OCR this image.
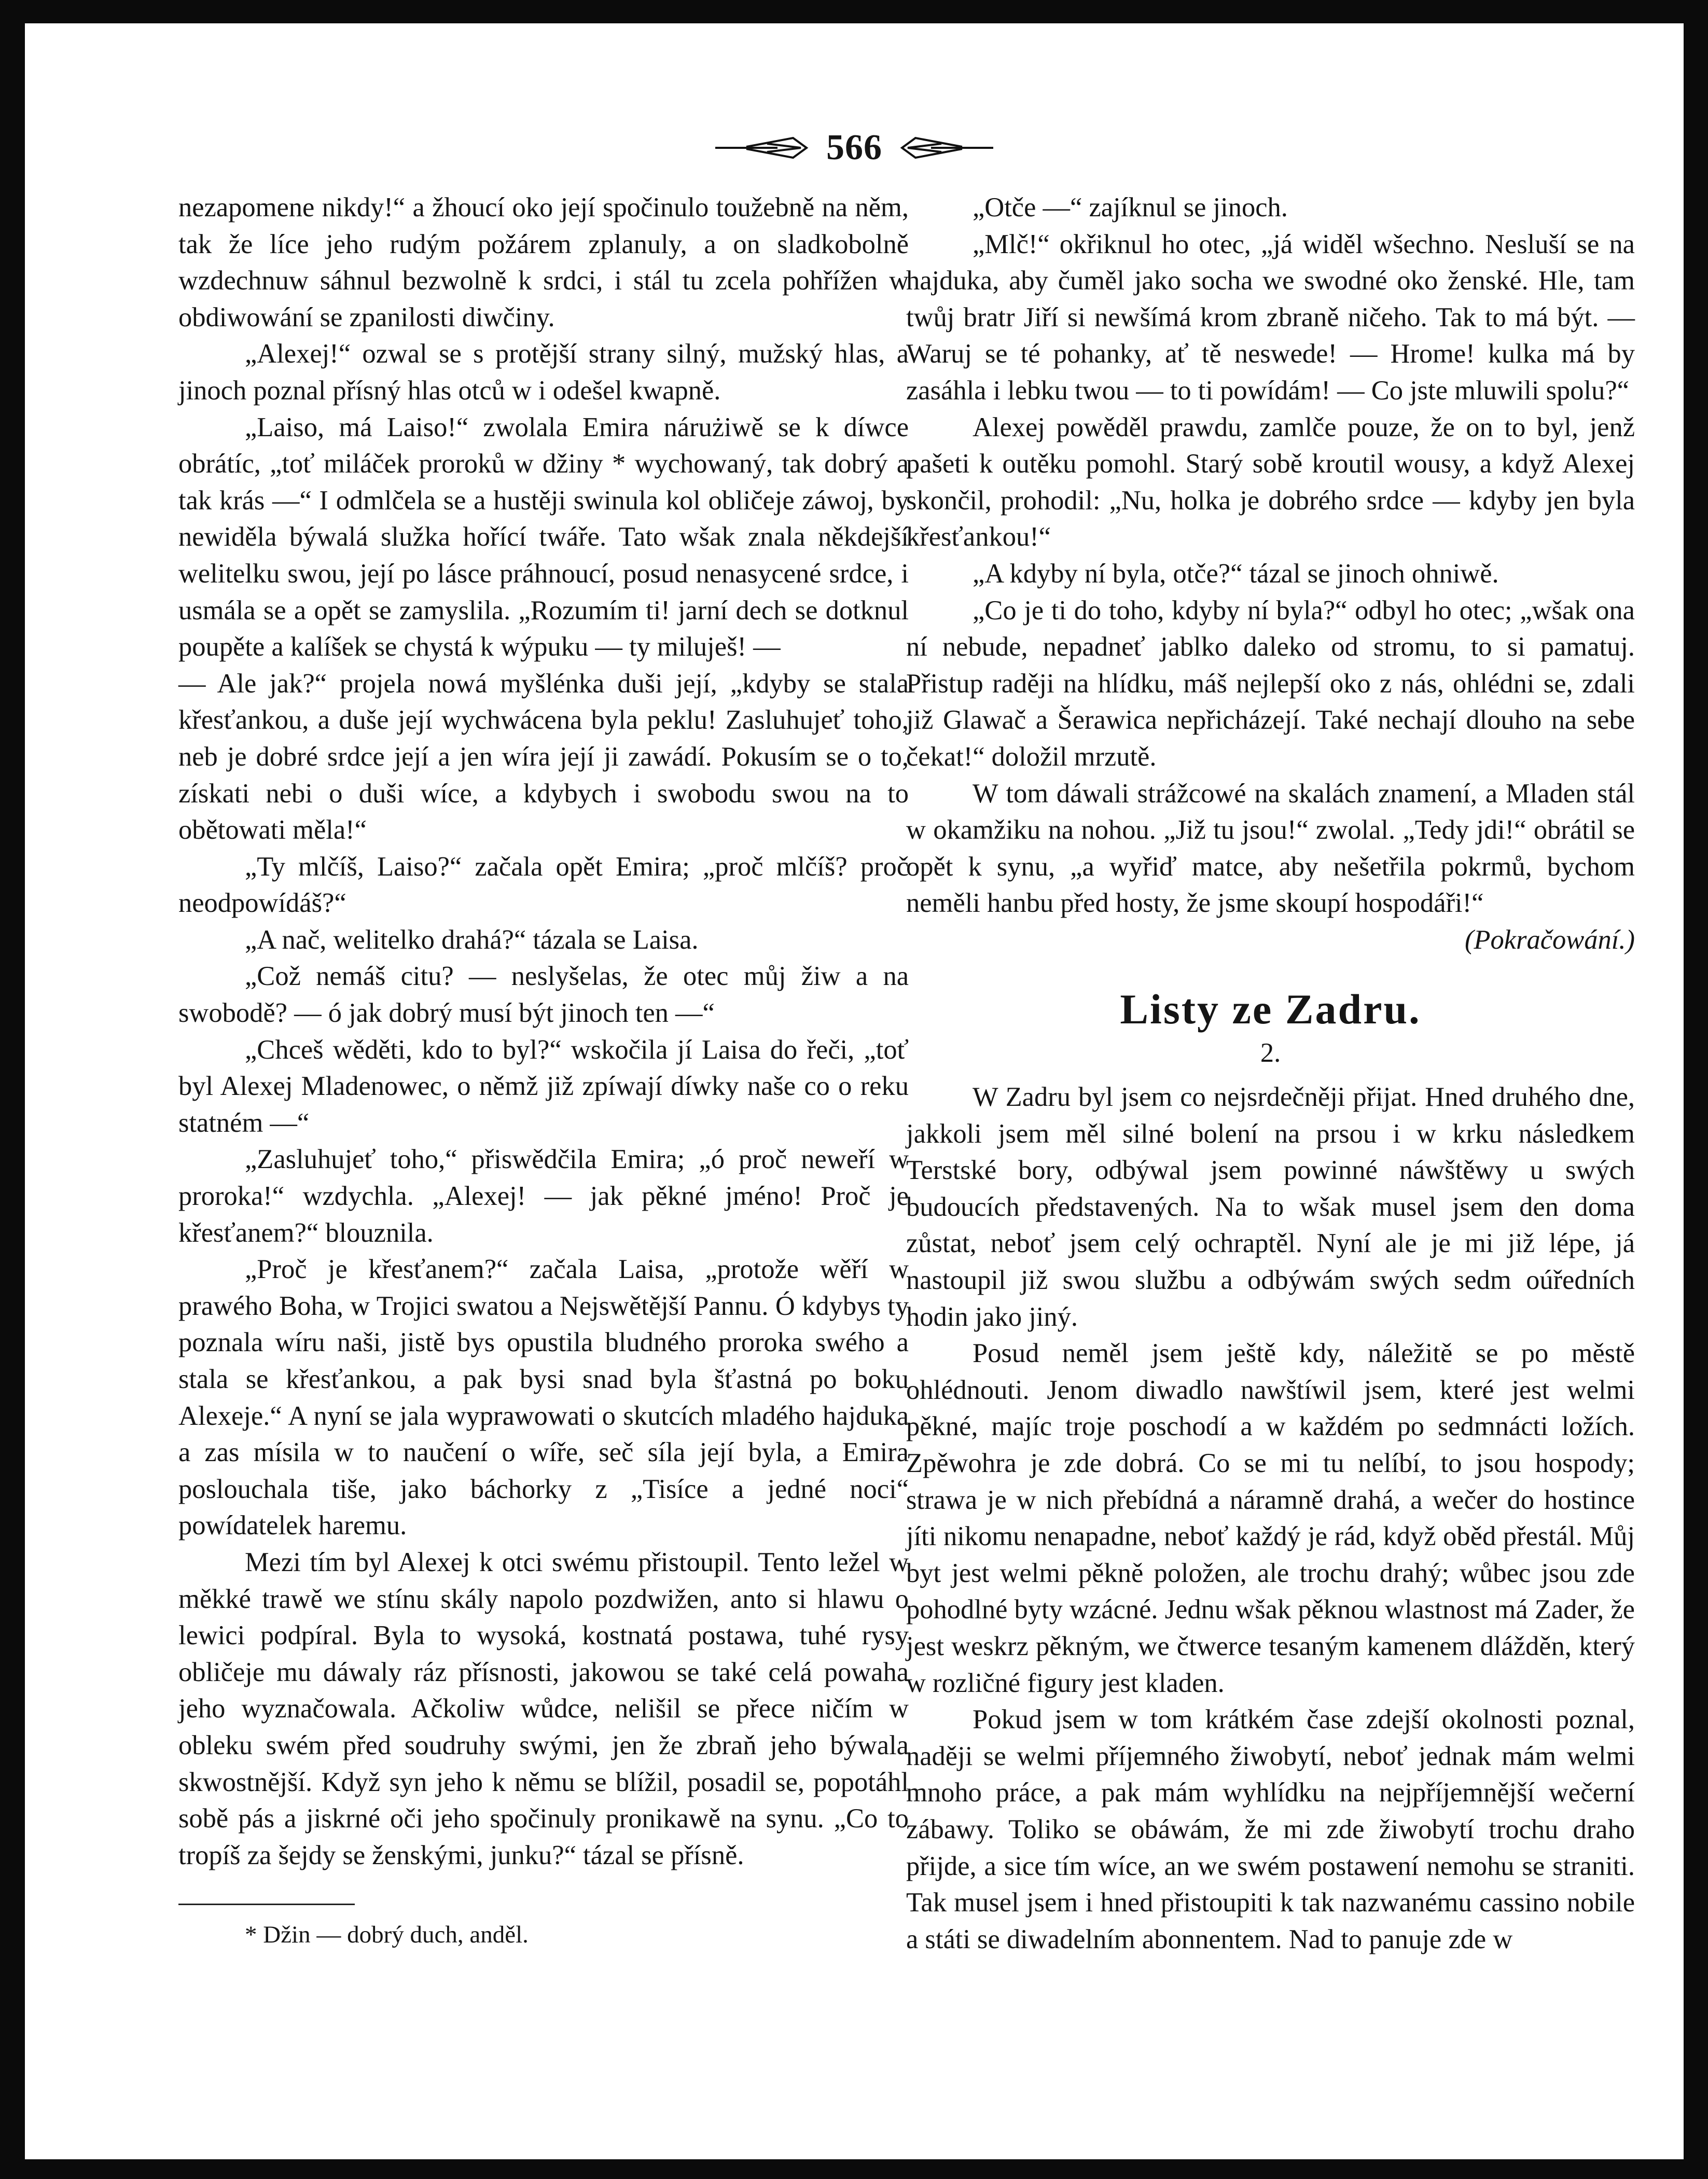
566

nezapomene nikdy!“ a žhoucí oko její spočinulo toužebně na něm, tak že líce jeho rudým požárem zplanuly, a on sladkobolně wzdechnuw sáhnul bezwolně k srdci, i stál tu zcela pohřížen w obdiwowání se zpanilosti diwčiny.

„Alexej!“ ozwal se s protější strany silný, mužský hlas, a jinoch poznal přísný hlas otců w i odešel kwapně.

„Laiso, má Laiso!“ zwolala Emira nárużiwě se k díwce obrátíc, „toť miláček proroků w džiny * wychowaný, tak dobrý a tak krás —“ I odmlčela se a hustěji swinula kol obličeje záwoj, by newiděla býwalá služka hořící twáře. Tato wšak znala někdejší welitelku swou, její po lásce práhnoucí, posud nenasycené srdce, i usmála se a opět se zamyslila. „Rozumím ti! jarní dech se dotknul poupěte a kalíšek se chystá k wýpuku — ty miluješ! —

— Ale jak?“ projela nowá myšlénka duši její, „kdyby se stala křesťankou, a duše její wychwácena byla peklu! Zasluhujeť toho, neb je dobré srdce její a jen wíra její ji zawádí. Pokusím se o to, získati nebi o duši wíce, a kdybych i swobodu swou na to obětowati měla!“

„Ty mlčíš, Laiso?“ začala opět Emira; „proč mlčíš? proč neodpowídáš?“

„A nač, welitelko drahá?“ tázala se Laisa.

„Což nemáš citu? — neslyšelas, že otec můj žiw a na swobodě? — ó jak dobrý musí být jinoch ten —“

„Chceš wěděti, kdo to byl?“ wskočila jí Laisa do řeči, „toť byl Alexej Mladenowec, o němž již zpíwají díwky naše co o reku statném —“

„Zasluhujeť toho,“ přiswědčila Emira; „ó proč neweří w proroka!“ wzdychla. „Alexej! — jak pěkné jméno! Proč je křesťanem?“ blouznila.

„Proč je křesťanem?“ začala Laisa, „protože wěří w prawého Boha, w Trojici swatou a Nejswětější Pannu. Ó kdybys ty poznala wíru naši, jistě bys opustila bludného proroka swého a stala se křesťankou, a pak bysi snad byla šťastná po boku Alexeje.“ A nyní se jala wyprawowati o skutcích mladého hajduka a zas mísila w to naučení o wíře, seč síla její byla, a Emira poslouchala tiše, jako báchorky z „Tisíce a jedné noci“ powídatelek haremu.

Mezi tím byl Alexej k otci swému přistoupil. Tento ležel w měkké trawě we stínu skály napolo pozdwižen, anto si hlawu o lewici podpíral. Byla to wysoká, kostnatá postawa, tuhé rysy obličeje mu dáwaly ráz přísnosti, jakowou se také celá powaha jeho wyznačowala. Ačkoliw wůdce, nelišil se přece ničím w obleku swém před soudruhy swými, jen že zbraň jeho býwala skwostnější. Když syn jeho k němu se blížil, posadil se, popotáhl sobě pás a jiskrné oči jeho spočinuly pronikawě na synu. „Co to tropíš za šejdy se ženskými, junku?“ tázal se přísně.

* Džin — dobrý duch, anděl.

„Otče —“ zajíknul se jinoch.

„Mlč!“ okřiknul ho otec, „já widěl wšechno. Nesluší se na hajduka, aby čuměl jako socha we swodné oko ženské. Hle, tam twůj bratr Jiří si newšímá krom zbraně ničeho. Tak to má být. — Waruj se té pohanky, ať tě neswede! — Hrome! kulka má by zasáhla i lebku twou — to ti powídám! — Co jste mluwili spolu?“

Alexej powěděl prawdu, zamlče pouze, že on to byl, jenž pašeti k outěku pomohl. Starý sobě kroutil wousy, a když Alexej skončil, prohodil: „Nu, holka je dobrého srdce — kdyby jen byla křesťankou!“

„A kdyby ní byla, otče?“ tázal se jinoch ohniwě.

„Co je ti do toho, kdyby ní byla?“ odbyl ho otec; „wšak ona ní nebude, nepadneť jablko daleko od stromu, to si pamatuj. Přistup raději na hlídku, máš nejlepší oko z nás, ohlédni se, zdali již Glawač a Šerawica nepřicházejí. Také nechají dlouho na sebe čekat!“ doložil mrzutě.

W tom dáwali strážcowé na skalách znamení, a Mladen stál w okamžiku na nohou. „Již tu jsou!“ zwolal. „Tedy jdi!“ obrátil se opět k synu, „a wyřiď matce, aby nešetřila pokrmů, bychom neměli hanbu před hosty, že jsme skoupí hospodáři!“

(Pokračowání.)

Listy ze Zadru.
2.

W Zadru byl jsem co nejsrdečněji přijat. Hned druhého dne, jakkoli jsem měl silné bolení na prsou i w krku následkem Terstské bory, odbýwal jsem powinné náwštěwy u swých budoucích představených. Na to wšak musel jsem den doma zůstat, neboť jsem celý ochraptěl. Nyní ale je mi již lépe, já nastoupil již swou službu a odbýwám swých sedm oúředních hodin jako jiný.

Posud neměl jsem ještě kdy, náležitě se po městě ohlédnouti. Jenom diwadlo nawštíwil jsem, které jest welmi pěkné, majíc troje poschodí a w každém po sedmnácti ložích. Zpěwohra je zde dobrá. Co se mi tu nelíbí, to jsou hospody; strawa je w nich přebídná a náramně drahá, a wečer do hostince jíti nikomu nenapadne, neboť každý je rád, když oběd přestál. Můj byt jest welmi pěkně položen, ale trochu drahý; wůbec jsou zde pohodlné byty wzácné. Jednu wšak pěknou wlastnost má Zader, že jest weskrz pěkným, we čtwerce tesaným kamenem dlážděn, který w rozličné figury jest kladen.

Pokud jsem w tom krátkém čase zdejší okolnosti poznal, naději se welmi příjemného žiwobytí, neboť jednak mám welmi mnoho práce, a pak mám wyhlídku na nejpříjemnější wečerní zábawy. Toliko se obáwám, že mi zde žiwobytí trochu draho přijde, a sice tím wíce, an we swém postawení nemohu se straniti. Tak musel jsem i hned přistoupiti k tak nazwanému cassino nobile a státi se diwadelním abonnentem. Nad to panuje zde w
